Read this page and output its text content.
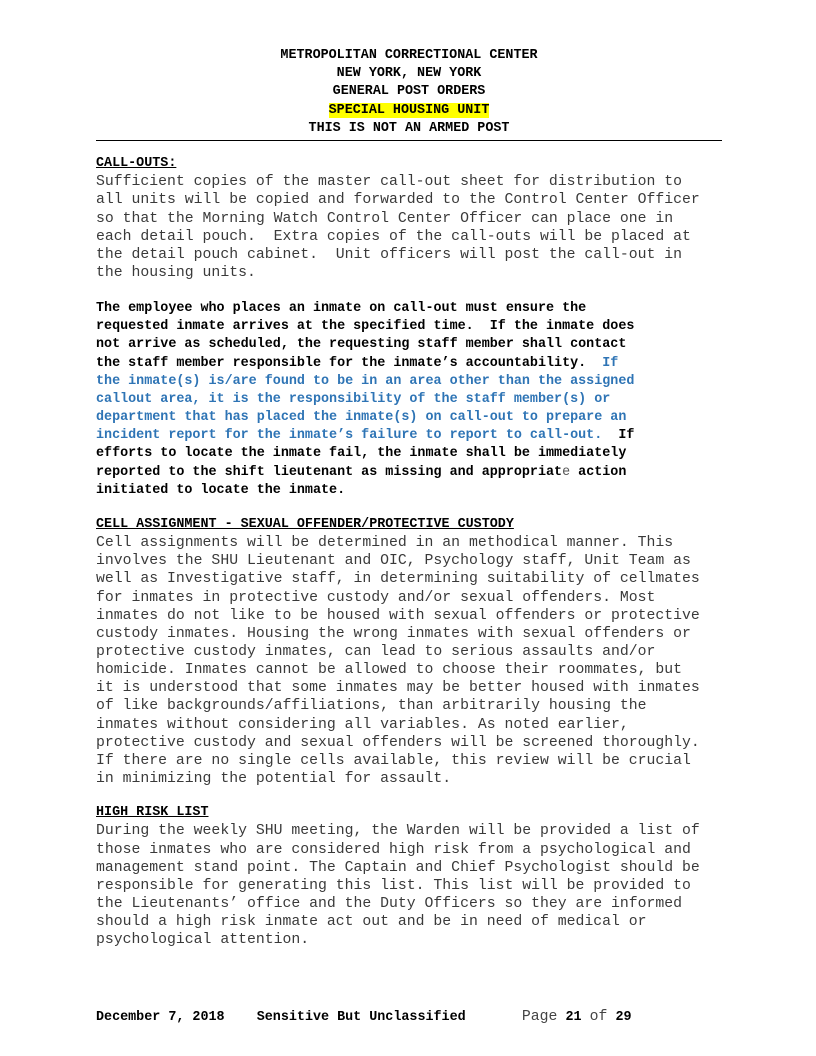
METROPOLITAN CORRECTIONAL CENTER
NEW YORK, NEW YORK
GENERAL POST ORDERS
SPECIAL HOUSING UNIT
THIS IS NOT AN ARMED POST
CALL-OUTS:
Sufficient copies of the master call-out sheet for distribution to
all units will be copied and forwarded to the Control Center Officer
so that the Morning Watch Control Center Officer can place one in
each detail pouch.  Extra copies of the call-outs will be placed at
the detail pouch cabinet.  Unit officers will post the call-out in
the housing units.
The employee who places an inmate on call-out must ensure the
requested inmate arrives at the specified time.  If the inmate does
not arrive as scheduled, the requesting staff member shall contact
the staff member responsible for the inmate’s accountability.  If
the inmate(s) is/are found to be in an area other than the assigned
callout area, it is the responsibility of the staff member(s) or
department that has placed the inmate(s) on call-out to prepare an
incident report for the inmate’s failure to report to call-out.  If
efforts to locate the inmate fail, the inmate shall be immediately
reported to the shift lieutenant as missing and appropriate action
initiated to locate the inmate.
CELL ASSIGNMENT - SEXUAL OFFENDER/PROTECTIVE CUSTODY
Cell assignments will be determined in an methodical manner. This
involves the SHU Lieutenant and OIC, Psychology staff, Unit Team as
well as Investigative staff, in determining suitability of cellmates
for inmates in protective custody and/or sexual offenders. Most
inmates do not like to be housed with sexual offenders or protective
custody inmates. Housing the wrong inmates with sexual offenders or
protective custody inmates, can lead to serious assaults and/or
homicide. Inmates cannot be allowed to choose their roommates, but
it is understood that some inmates may be better housed with inmates
of like backgrounds/affiliations, than arbitrarily housing the
inmates without considering all variables. As noted earlier,
protective custody and sexual offenders will be screened thoroughly.
If there are no single cells available, this review will be crucial
in minimizing the potential for assault.
HIGH RISK LIST
During the weekly SHU meeting, the Warden will be provided a list of
those inmates who are considered high risk from a psychological and
management stand point. The Captain and Chief Psychologist should be
responsible for generating this list. This list will be provided to
the Lieutenants’ office and the Duty Officers so they are informed
should a high risk inmate act out and be in need of medical or
psychological attention.
December 7, 2018 Sensitive But Unclassified	Page 21 of 29
